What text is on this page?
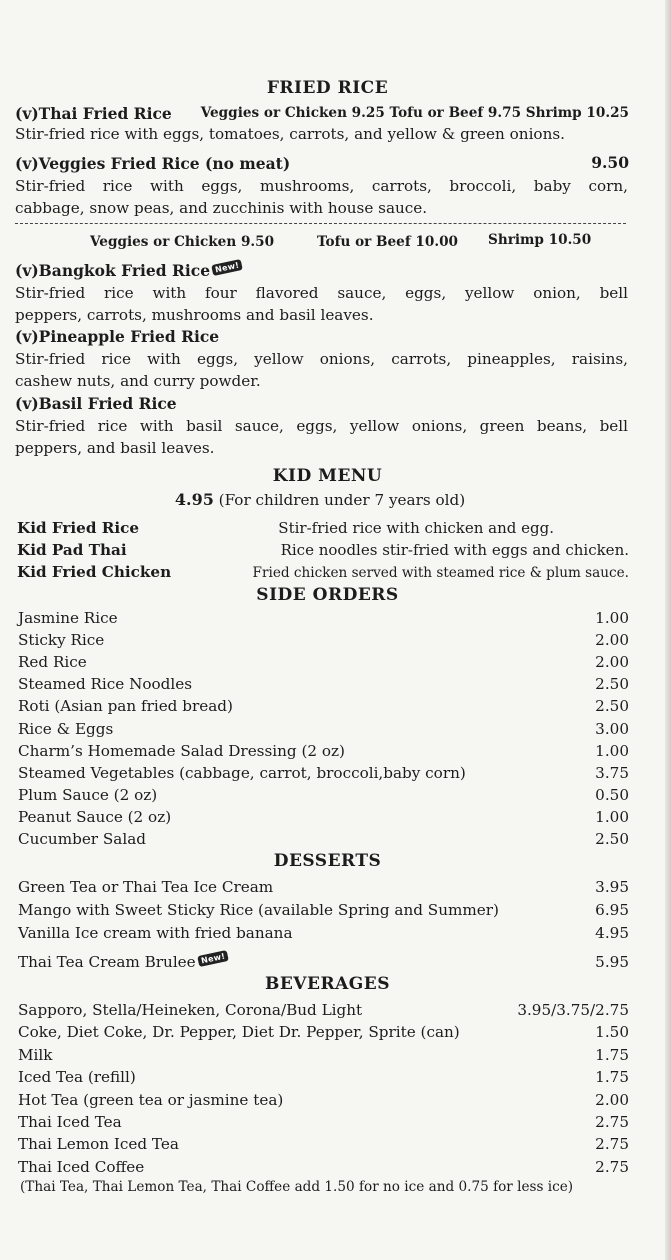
FRIED RICE
(v)Thai Fried Rice Veggies or Chicken 9.25 Tofu or Beef 9.75 Shrimp 10.25
Stir-fried rice with eggs, tomatoes, carrots, and yellow & green onions.
(v)Veggies Fried Rice (no meat)	9.50
Stir-fried rice with eggs, mushrooms, carrots, broccoli, baby corn,
cabbage, snow peas, and zucchinis with house sauce.
Veggies or Chicken 9.50	Tofu or Beef 10.00 Shrimp 10.50
(v)Bangkok Fried Rice New!
Stir-fried rice with four flavored sauce, eggs, yellow onion, bell
peppers, carrots, mushrooms and basil leaves.
(v)Pineapple Fried Rice
Stir-fried rice with eggs, yellow onions, carrots, pineapples, raisins,
cashew nuts, and curry powder.
(v)Basil Fried Rice
Stir-fried rice with basil sauce, eggs, yellow onions, green beans, bell
peppers, and basil leaves.
KID MENU
4.95 (For children under 7 years old)
Kid Fried Rice	Stir-fried rice with chicken and egg.
Kid Pad Thai	Rice noodles stir-fried with eggs and chicken.
Kid Fried Chicken	Fried chicken served with steamed rice & plum sauce.
SIDE ORDERS
Jasmine Rice	1.00
Sticky Rice	2.00
Red Rice	2.00
Steamed Rice Noodles	2.50
Roti (Asian pan fried bread)	2.50
Rice & Eggs	3.00
Charm’s Homemade Salad Dressing (2 oz)	1.00
Steamed Vegetables (cabbage, carrot, broccoli,baby corn)	3.75
Plum Sauce (2 oz)	0.50
Peanut Sauce (2 oz)	1.00
Cucumber Salad	2.50
DESSERTS
Green Tea or Thai Tea Ice Cream	3.95
Mango with Sweet Sticky Rice (available Spring and Summer)	6.95
Vanilla Ice cream with fried banana	4.95
Thai Tea Cream Brulee New!	5.95
BEVERAGES
Sapporo, Stella/Heineken, Corona/Bud Light	3.95/3.75/2.75
Coke, Diet Coke, Dr. Pepper, Diet Dr. Pepper, Sprite (can)	1.50
Milk	1.75
Iced Tea (refill)	1.75
Hot Tea (green tea or jasmine tea)	2.00
Thai Iced Tea	2.75
Thai Lemon Iced Tea	2.75
Thai Iced Coffee	2.75
(Thai Tea, Thai Lemon Tea, Thai Coffee add 1.50 for no ice and 0.75 for less ice)
